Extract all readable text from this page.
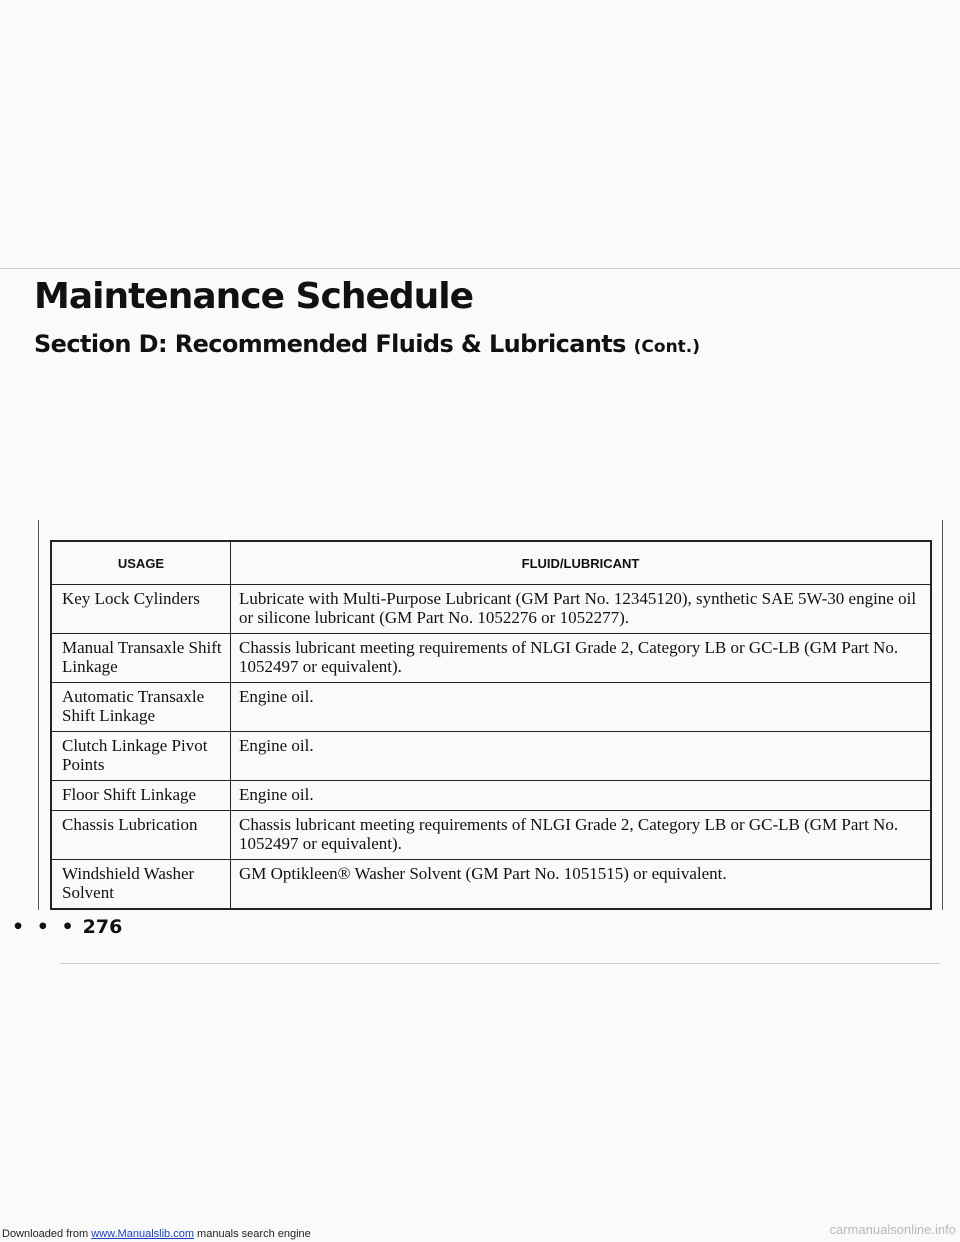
Maintenance Schedule
Section D: Recommended Fluids & Lubricants (Cont.)
USAGE	FLUID/LUBRICANT
Key Lock Cylinders	Lubricate with Multi-Purpose Lubricant (GM Part No. 12345120), synthetic SAE 5W-30 engine oil or silicone lubricant (GM Part No. 1052276 or 1052277).
Manual Transaxle Shift Linkage	Chassis lubricant meeting requirements of NLGI Grade 2, Category LB or GC-LB (GM Part No. 1052497 or equivalent).
Automatic Transaxle Shift Linkage	Engine oil.
Clutch Linkage Pivot Points	Engine oil.
Floor Shift Linkage	Engine oil.
Chassis Lubrication	Chassis lubricant meeting requirements of NLGI Grade 2, Category LB or GC-LB (GM Part No. 1052497 or equivalent).
Windshield Washer Solvent	GM Optikleen® Washer Solvent (GM Part No. 1051515) or equivalent.
• • • 276
Downloaded from www.Manualslib.com manuals search engine	carmanualsonline.info
